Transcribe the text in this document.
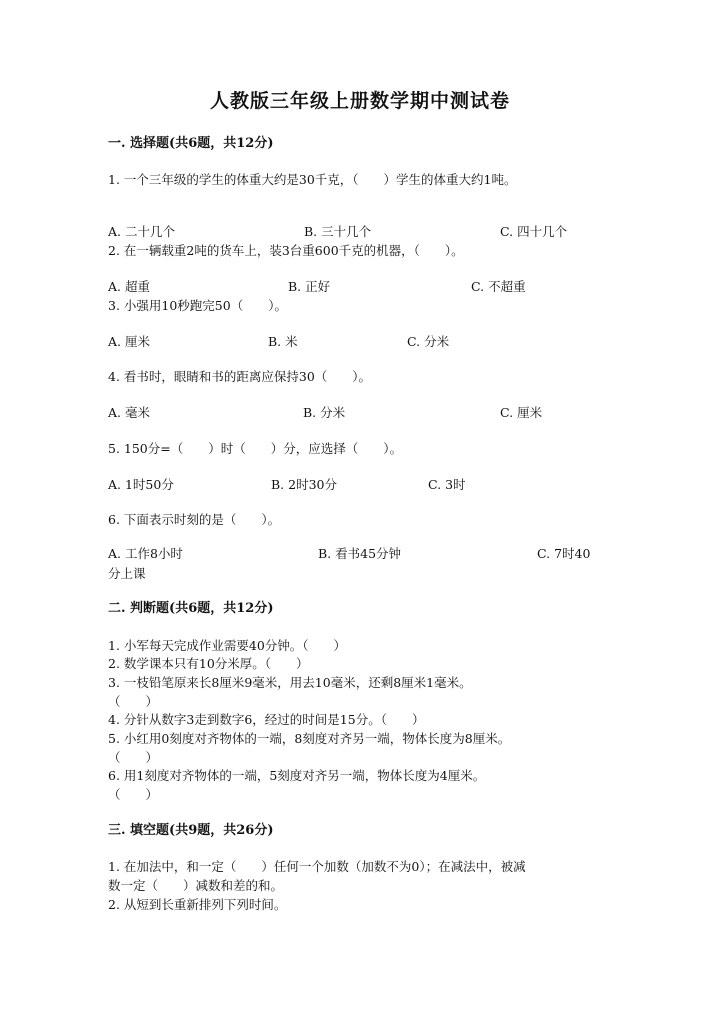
人教版三年级上册数学期中测试卷
一. 选择题(共6题，共12分)
1. 一个三年级的学生的体重大约是30千克，（　　）学生的体重大约1吨。
A. 二十几个	B. 三十几个	C. 四十几个
2. 在一辆载重2吨的货车上，装3台重600千克的机器，（　　）。
A. 超重	B. 正好	C. 不超重
3. 小强用10秒跑完50（　　）。
A. 厘米	B. 米	C. 分米
4. 看书时，眼睛和书的距离应保持30（　　）。
A. 毫米	B. 分米	C. 厘米
5. 150分=（　　）时（　　）分，应选择（　　）。
A. 1时50分	B. 2时30分	C. 3时
6. 下面表示时刻的是（　　）。
A. 工作8小时	B. 看书45分钟	C. 7时40
分上课
二. 判断题(共6题，共12分)
1. 小军每天完成作业需要40分钟。（　　）
2. 数学课本只有10分米厚。（　　）
3. 一枝铅笔原来长8厘米9毫米，用去10毫米，还剩8厘米1毫米。
（　　）
4. 分针从数字3走到数字6，经过的时间是15分。（　　）
5. 小红用0刻度对齐物体的一端，8刻度对齐另一端，物体长度为8厘米。
（　　）
6. 用1刻度对齐物体的一端，5刻度对齐另一端，物体长度为4厘米。
（　　）
三. 填空题(共9题，共26分)
1. 在加法中，和一定（　　）任何一个加数（加数不为0）；在减法中，被减
数一定（　　）减数和差的和。
2. 从短到长重新排列下列时间。
